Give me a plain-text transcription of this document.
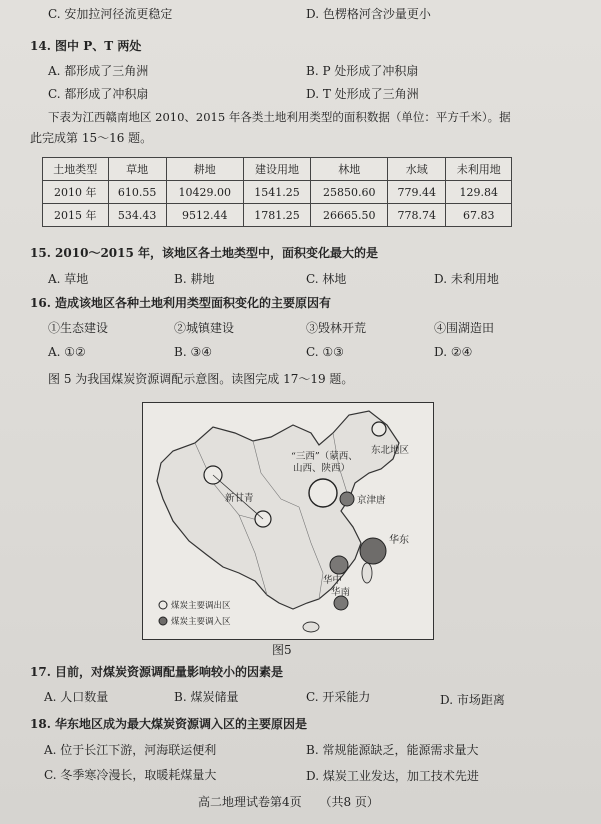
C. 安加拉河径流更稳定	D. 色楞格河含沙量更小
14. 图中 P、T 两处
A. 都形成了三角洲	B. P 处形成了冲积扇
C. 都形成了冲积扇	D. T 处形成了三角洲
下表为江西赣南地区 2010、2015 年各类土地利用类型的面积数据（单位：平方千米）。据
此完成第 15～16 题。
土地类型	草地	耕地	建设用地	林地	水域	未利用地
2010 年	610.55	10429.00	1541.25	25850.60	779.44	129.84
2015 年	534.43	9512.44	1781.25	26665.50	778.74	67.83
15. 2010～2015 年，该地区各土地类型中，面积变化最大的是
A. 草地	B. 耕地	C. 林地	D. 未利用地
16. 造成该地区各种土地利用类型面积变化的主要原因有
①生态建设	②城镇建设	③毁林开荒	④围湖造田
A. ①②	B. ③④	C. ①③	D. ②④
图 5 为我国煤炭资源调配示意图。读图完成 17～19 题。
“三西”（蒙西、
山西、陕西）
东北地区
新甘青	京津唐
华东
华中
华南
煤炭主要调出区
煤炭主要调入区
图5
17. 目前，对煤炭资源调配量影响较小的因素是
A. 人口数量	B. 煤炭储量	C. 开采能力	D. 市场距离
18. 华东地区成为最大煤炭资源调入区的主要原因是
A. 位于长江下游，河海联运便利	B. 常规能源缺乏，能源需求量大
C. 冬季寒冷漫长，取暖耗煤量大	D. 煤炭工业发达，加工技术先进
高二地理试卷第4页 （共8 页）
